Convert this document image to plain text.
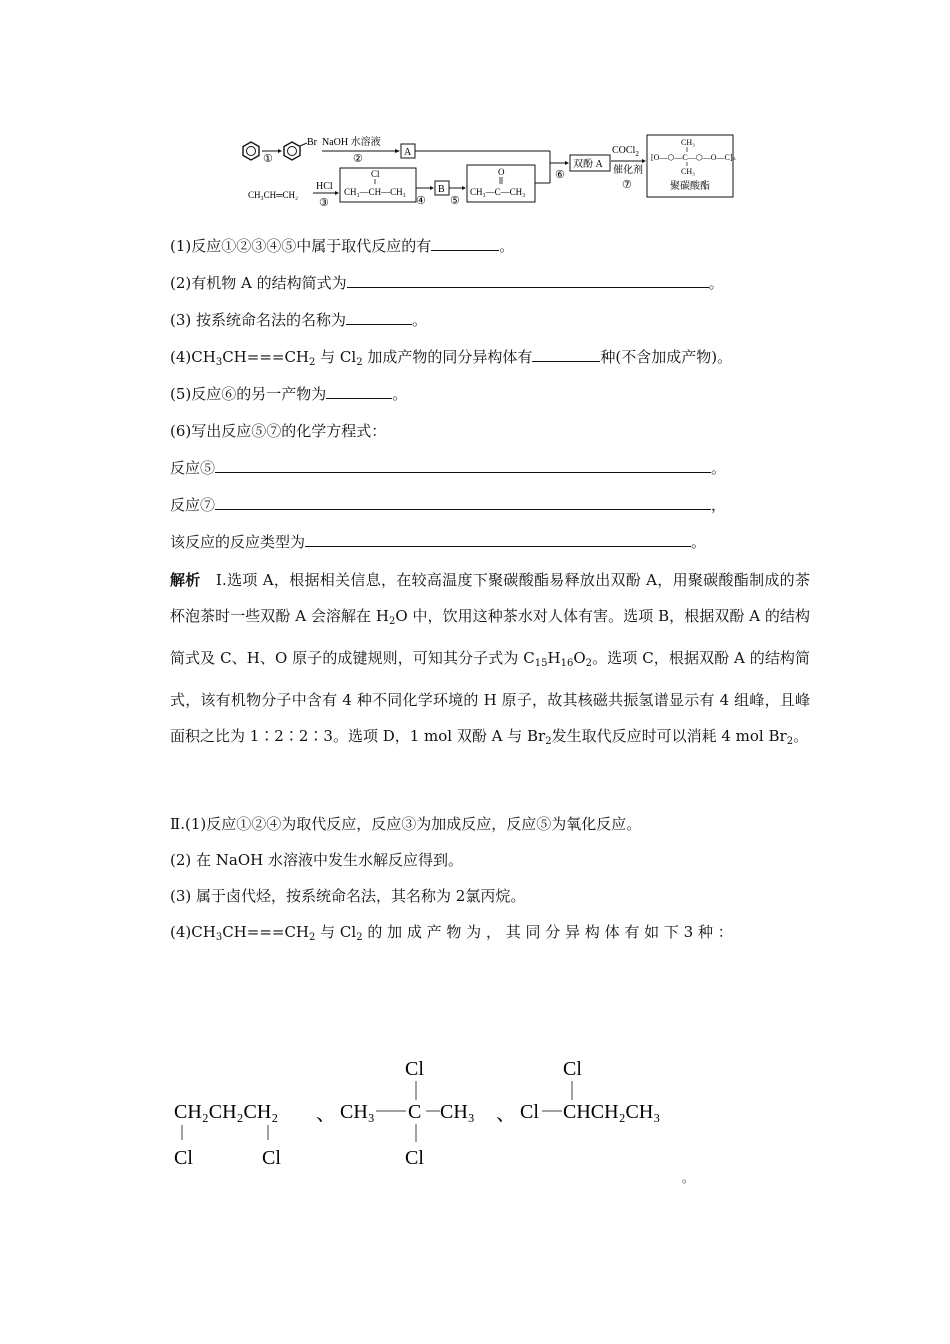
①
Br NaOH 水溶液
②
A
CH₃CH═CH₂
HCl
③
Cl
CH₃—CH—CH₃
④
B
⑤
O
CH₃—C—CH₃
⑥
双酚 A
COCl$_2$
催化剂
⑦
CH₃
[O—⬡—C—⬡—O—C]ₙ
CH₃
聚碳酸酯
(1)反应①②③④⑤中属于取代反应的有	。
(2)有机物 A 的结构简式为	。
(3) 按系统命名法的名称为	。
$(4)CH_3CH===CH_2$ 与 $Cl_2$ 加成产物的同分异构体有	种(不含加成产物)。
(5)反应⑥的另一产物为	。
(6)写出反应⑤⑦的化学方程式：
反应⑤	。
反应⑦	，
该反应的反应类型为	。
解析 Ⅰ.选项 A，根据相关信息，在较高温度下聚碳酸酯易释放出双酚 A，用聚碳酸酯制成的茶杯泡茶时一些双酚 A 会溶解在 $H_2O$ 中，饮用这种茶水对人体有害。选项 B，根据双酚 A 的结构简式及 C、H、O 原子的成键规则，可知其分子式为 $C_{15}H_{16}O_2$。选项 C，根据双酚 A 的结构简式，该有机物分子中含有 4 种不同化学环境的 H 原子，故其核磁共振氢谱显示有 4 组峰，且峰面积之比为 1∶2∶2∶3。选项 D，1 mol 双酚 A 与 $Br_2$发生取代反应时可以消耗 4 mol $Br_2$。
Ⅱ.(1)反应①②④为取代反应，反应③为加成反应，反应⑤为氧化反应。
(2) 在 NaOH 水溶液中发生水解反应得到。
(3) 属于卤代烃，按系统命名法，其名称为 2氯丙烷。
$(4)CH_3CH===CH_2$ 与 $Cl_2$ 的 加 成 产 物 为 ， 其 同 分 异 构 体 有 如 下 3 种 ：
CH₂CH₂CH₂
Cl	Cl
、
Cl
CH₃ C CH₃
Cl
、
Cl
Cl CHCH₂CH₃
。
